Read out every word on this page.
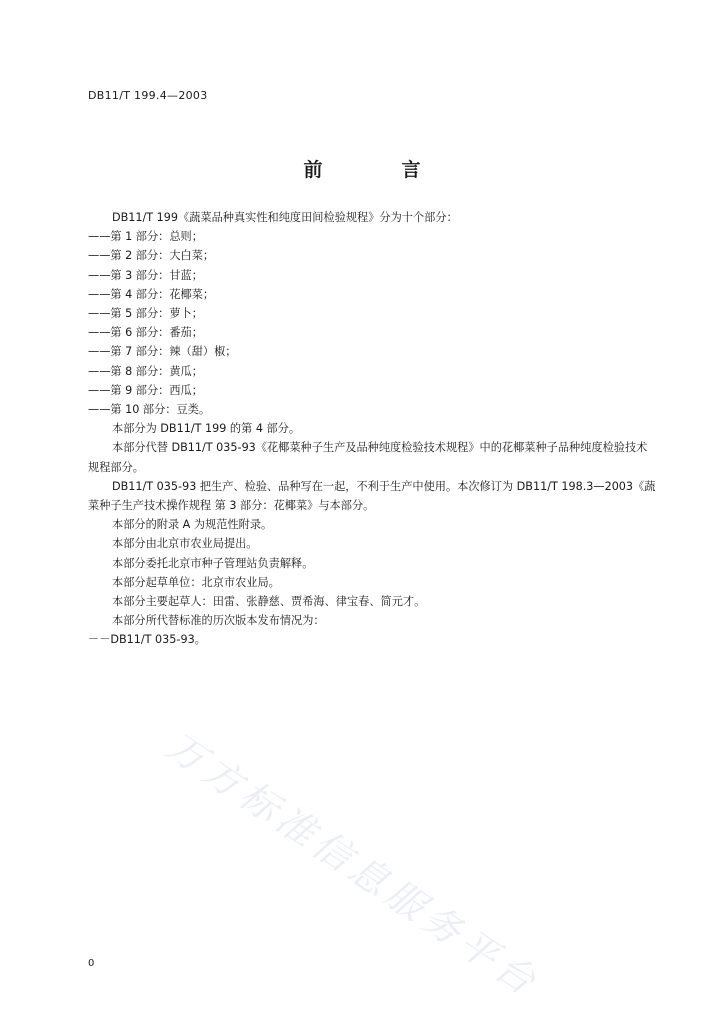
DB11/T 199.4—2003
前　言

DB11/T 199《蔬菜品种真实性和纯度田间检验规程》分为十个部分：

——第 1 部分：总则；

——第 2 部分：大白菜；

——第 3 部分：甘蓝；

——第 4 部分：花椰菜；

——第 5 部分：萝卜；

——第 6 部分：番茄；

——第 7 部分：辣（甜）椒；

——第 8 部分：黄瓜；

——第 9 部分：西瓜；

——第 10 部分：豆类。

本部分为 DB11/T 199 的第 4 部分。

本部分代替 DB11/T 035-93《花椰菜种子生产及品种纯度检验技术规程》中的花椰菜种子品种纯度检验技术规程部分。

DB11/T 035-93 把生产、检验、品种写在一起，不利于生产中使用。本次修订为 DB11/T 198.3—2003《蔬菜种子生产技术操作规程 第 3 部分：花椰菜》与本部分。

本部分的附录 A 为规范性附录。

本部分由北京市农业局提出。

本部分委托北京市种子管理站负责解释。

本部分起草单位：北京市农业局。

本部分主要起草人：田雷、张静慈、贾希海、律宝春、简元才。

本部分所代替标准的历次版本发布情况为：

－－DB11/T 035-93。

万方标准信息服务平台
0
